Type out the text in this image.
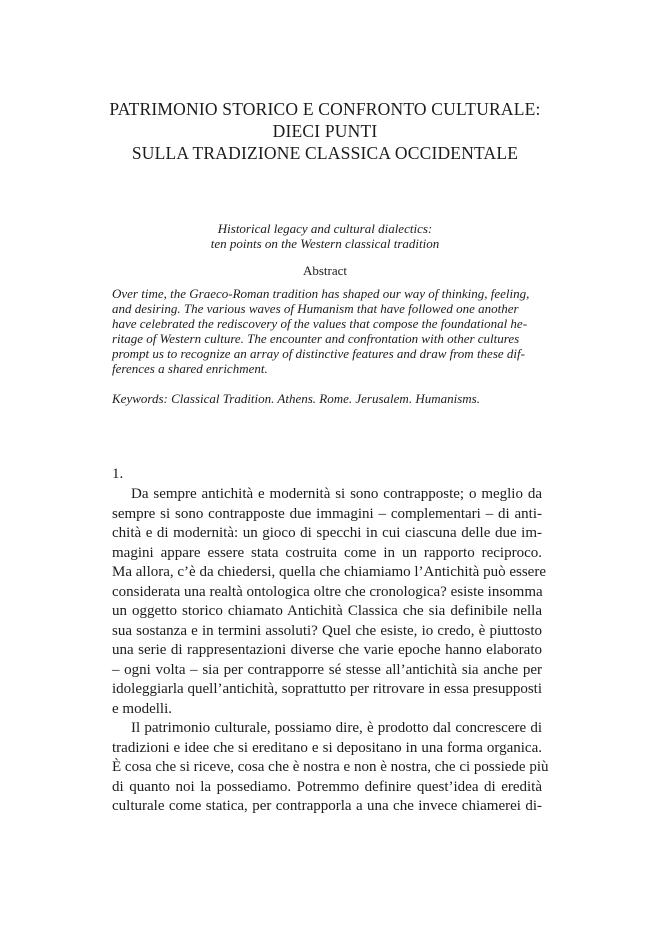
PATRIMONIO STORICO E CONFRONTO CULTURALE:
DIECI PUNTI
SULLA TRADIZIONE CLASSICA OCCIDENTALE
Historical legacy and cultural dialectics:
ten points on the Western classical tradition
Abstract
Over time, the Graeco-Roman tradition has shaped our way of thinking, feeling,
and desiring. The various waves of Humanism that have followed one another
have celebrated the rediscovery of the values that compose the foundational he-
ritage of Western culture. The encounter and confrontation with other cultures
prompt us to recognize an array of distinctive features and draw from these dif-
ferences a shared enrichment.
Keywords: Classical Tradition. Athens. Rome. Jerusalem. Humanisms.
1.
Da sempre antichità e modernità si sono contrapposte; o meglio da
sempre si sono contrapposte due immagini – complementari – di anti-
chità e di modernità: un gioco di specchi in cui ciascuna delle due im-
magini appare essere stata costruita come in un rapporto reciproco.
Ma allora, c’è da chiedersi, quella che chiamiamo l’Antichità può essere
considerata una realtà ontologica oltre che cronologica? esiste insomma
un oggetto storico chiamato Antichità Classica che sia definibile nella
sua sostanza e in termini assoluti? Quel che esiste, io credo, è piuttosto
una serie di rappresentazioni diverse che varie epoche hanno elaborato
– ogni volta – sia per contrapporre sé stesse all’antichità sia anche per
idoleggiarla quell’antichità, soprattutto per ritrovare in essa presupposti
e modelli.
Il patrimonio culturale, possiamo dire, è prodotto dal concrescere di
tradizioni e idee che si ereditano e si depositano in una forma organica.
È cosa che si riceve, cosa che è nostra e non è nostra, che ci possiede più
di quanto noi la possediamo. Potremmo definire quest’idea di eredità
culturale come statica, per contrapporla a una che invece chiamerei di-
